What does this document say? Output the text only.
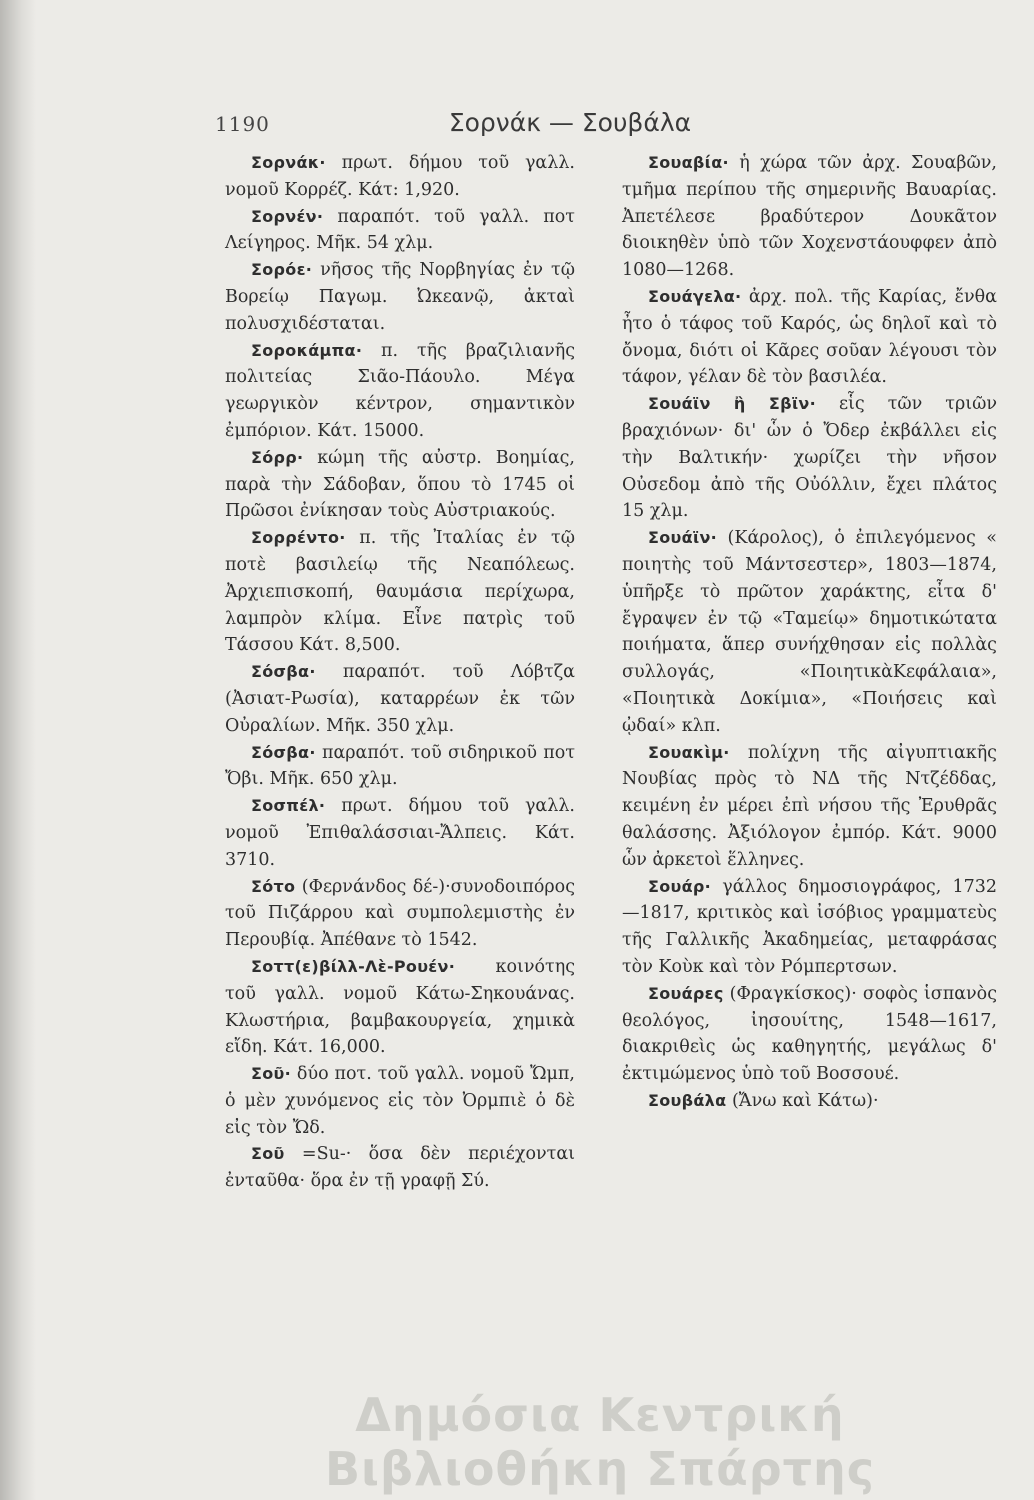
1190	Σορνάκ — Σουβάλα

Σορνάκ· πρωτ. δήμου τοῦ γαλλ. νομοῦ Κορρέζ. Κάτ: 1,920.

Σορνέν· παραπότ. τοῦ γαλλ. ποτ Λείγηρος. Μῆκ. 54 χλμ.

Σορόε· νῆσος τῆς Νορβηγίας ἐν τῷ Βορείῳ Παγωμ. Ὠκεανῷ, ἀκταὶ πολυσχιδέσταται.

Σοροκάμπα· π. τῆς βραζιλιανῆς πολιτείας Σιᾶο-Πάουλο. Μέγα γεωργικὸν κέντρον, σημαντικὸν ἐμπόριον. Κάτ. 15000.

Σόρρ· κώμη τῆς αὐστρ. Βοημίας, παρὰ τὴν Σάδοβαν, ὅπου τὸ 1745 οἱ Πρῶσοι ἐνίκησαν τοὺς Αὐστριακούς.

Σορρέντο· π. τῆς Ἰταλίας ἐν τῷ ποτὲ βασιλείῳ τῆς Νεαπόλεως. Ἀρχιεπισκοπή, θαυμάσια περίχωρα, λαμπρὸν κλίμα. Εἶνε πατρὶς τοῦ Τάσσου Κάτ. 8,500.

Σόσβα· παραπότ. τοῦ Λόβτζα (Ἀσιατ-Ρωσία), καταρρέων ἐκ τῶν Οὐραλίων. Μῆκ. 350 χλμ.

Σόσβα· παραπότ. τοῦ σιδηρικοῦ ποτ Ὄβι. Μῆκ. 650 χλμ.

Σοσπέλ· πρωτ. δήμου τοῦ γαλλ. νομοῦ Ἐπιθαλάσσιαι-Ἄλπεις. Κάτ. 3710.

Σότο (Φερνάνδος δέ-)·συνοδοιπόρος τοῦ Πιζάρρου καὶ συμπολεμιστὴς ἐν Περουβίᾳ. Ἀπέθανε τὸ 1542.

Σοττ(ε)βίλλ-Λὲ-Ρουέν· κοινότης τοῦ γαλλ. νομοῦ Κάτω-Σηκουάνας. Κλωστήρια, βαμβακουργεία, χημικὰ εἴδη. Κάτ. 16,000.

Σοῦ· δύο ποτ. τοῦ γαλλ. νομοῦ Ὤμπ, ὁ μὲν χυνόμενος εἰς τὸν Ὀρμπιὲ ὁ δὲ εἰς τὸν Ὤδ.

Σοῦ =Su-· ὅσα δὲν περιέχονται ἐνταῦθα· ὅρα ἐν τῇ γραφῇ Σύ.

Σουαβία· ἡ χώρα τῶν ἀρχ. Σουαβῶν, τμῆμα περίπου τῆς σημερινῆς Βαυαρίας. Ἀπετέλεσε βραδύτερον Δουκᾶτον διοικηθὲν ὑπὸ τῶν Χοχενστάουφφεν ἀπὸ 1080—1268.

Σουάγελα· ἀρχ. πολ. τῆς Καρίας, ἔνθα ἦτο ὁ τάφος τοῦ Καρός, ὡς δηλοῖ καὶ τὸ ὄνομα, διότι οἱ Κᾶρες σοῦαν λέγουσι τὸν τάφον, γέλαν δὲ τὸν βασιλέα.

Σουάϊν ἢ Σβϊν· εἷς τῶν τριῶν βραχιόνων· δι' ὧν ὁ Ὄδερ ἐκβάλλει εἰς τὴν Βαλτικήν· χωρίζει τὴν νῆσον Οὐσεδομ ἀπὸ τῆς Οὐόλλιν, ἔχει πλάτος 15 χλμ.

Σουάϊν· (Κάρολος), ὁ ἐπιλεγόμενος « ποιητὴς τοῦ Μάντσεστερ», 1803—1874, ὑπῆρξε τὸ πρῶτον χαράκτης, εἶτα δ' ἔγραψεν ἐν τῷ «Ταμείῳ» δημοτικώτατα ποιήματα, ἅπερ συνήχθησαν εἰς πολλὰς συλλογάς, «ΠοιητικὰΚεφάλαια», «Ποιητικὰ Δοκίμια», «Ποιήσεις καὶ ᾠδαί» κλπ.

Σουακὶμ· πολίχνη τῆς αἰγυπτιακῆς Νουβίας πρὸς τὸ ΝΔ τῆς Ντζέδδας, κειμένη ἐν μέρει ἐπὶ νήσου τῆς Ἐρυθρᾶς θαλάσσης. Ἀξιόλογον ἐμπόρ. Κάτ. 9000 ὧν ἀρκετοὶ ἕλληνες.

Σουάρ· γάλλος δημοσιογράφος, 1732—1817, κριτικὸς καὶ ἰσόβιος γραμματεὺς τῆς Γαλλικῆς Ἀκαδημείας, μεταφράσας τὸν Κοὺκ καὶ τὸν Ρόμπερτσων.

Σουάρες (Φραγκίσκος)· σοφὸς ἱσπανὸς θεολόγος, ἰησουίτης, 1548—1617, διακριθεὶς ὡς καθηγητής, μεγάλως δ' ἐκτιμώμενος ὑπὸ τοῦ Βοσσουέ.

Σουβάλα (Ἄνω καὶ Κάτω)·

Δημόσια Κεντρική Βιβλιοθήκη Σπάρτης
